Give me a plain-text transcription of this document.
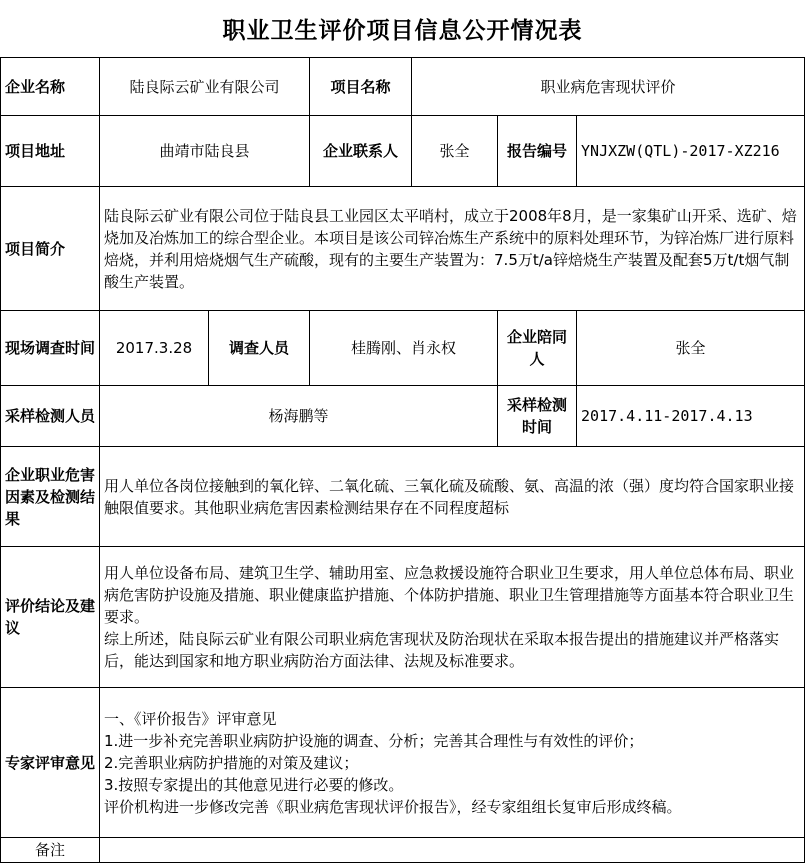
职业卫生评价项目信息公开情况表
企业名称	陆良际云矿业有限公司		项目名称	职业病危害现状评价		
项目地址	曲靖市陆良县		企业联系人	张全	报告编号	YNJXZW(QTL)-2017-XZ216
项目简介	陆良际云矿业有限公司位于陆良县工业园区太平哨村，成立于2008年8月，是一家集矿山开采、选矿、焙烧加及冶炼加工的综合型企业。本项目是该公司锌冶炼生产系统中的原料处理环节，为锌冶炼厂进行原料焙烧，并利用焙烧烟气生产硫酸，现有的主要生产装置为：7.5万t/a锌焙烧生产装置及配套5万t/t烟气制酸生产装置。					
现场调查时间	2017.3.28	调查人员	桂腾刚、肖永权		企业陪同人	张全
采样检测人员	杨海鹏等				采样检测时间	2017.4.11-2017.4.13
企业职业危害因素及检测结果	用人单位各岗位接触到的氧化锌、二氧化硫、三氧化硫及硫酸、氨、高温的浓（强）度均符合国家职业接触限值要求。其他职业病危害因素检测结果存在不同程度超标					
评价结论及建议	用人单位设备布局、建筑卫生学、辅助用室、应急救援设施符合职业卫生要求，用人单位总体布局、职业病危害防护设施及措施、职业健康监护措施、个体防护措施、职业卫生管理措施等方面基本符合职业卫生要求。
综上所述，陆良际云矿业有限公司职业病危害现状及防治现状在采取本报告提出的措施建议并严格落实后，能达到国家和地方职业病防治方面法律、法规及标准要求。					

专家评审意见	一、《评价报告》评审意见
1.进一步补充完善职业病防护设施的调查、分析；完善其合理性与有效性的评价；
2.完善职业病防护措施的对策及建议；
3.按照专家提出的其他意见进行必要的修改。
评价机构进一步修改完善《职业病危害现状评价报告》，经专家组组长复审后形成终稿。					

备注						
